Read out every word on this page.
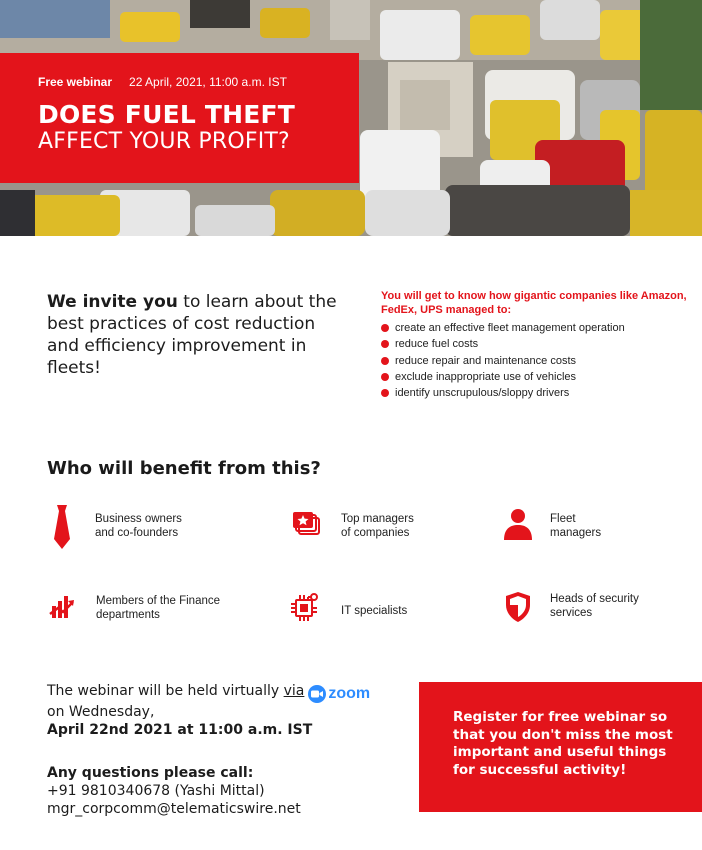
Free webinar 22 April, 2021, 11:00 a.m. IST
DOES FUEL THEFT
AFFECT YOUR PROFIT?
We invite you to learn about the best practices of cost reduction and efficiency improvement in fleets!
You will get to know how gigantic companies like Amazon, FedEx, UPS managed to:
create an effective fleet management operation
reduce fuel costs
reduce repair and maintenance costs
exclude inappropriate use of vehicles
identify unscrupulous/sloppy drivers
Who will benefit from this?
Business owners
and co-founders
Top managers
of companies
Fleet
managers
Members of the Finance
departments	IT specialists
Heads of security
services
The webinar will be held virtually via zoom
on Wednesday,
April 22nd 2021 at 11:00 a.m. IST
Any questions please call:
+91 9810340678 (Yashi Mittal)
mgr_corpcomm@telematicswire.net
Register for free webinar so that you don't miss the most important and useful things for successful activity!
